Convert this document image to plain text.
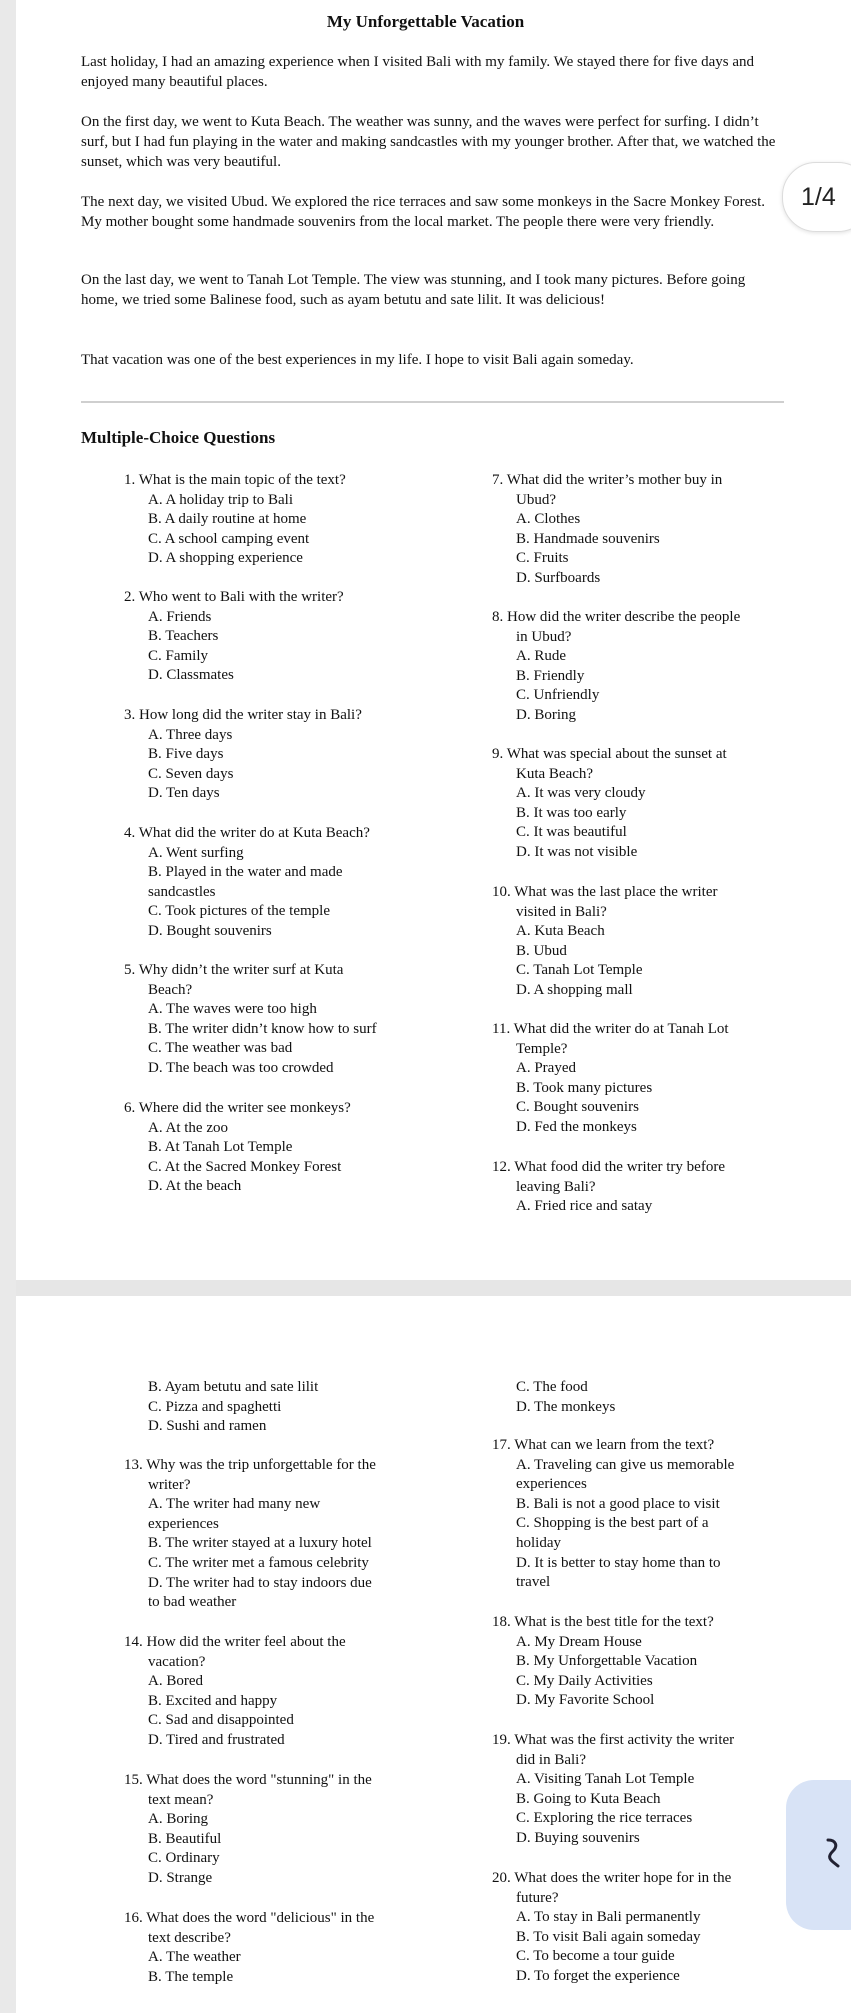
My Unforgettable Vacation
Last holiday, I had an amazing experience when I visited Bali with my family. We stayed there for five days and enjoyed many beautiful places.
On the first day, we went to Kuta Beach. The weather was sunny, and the waves were perfect for surfing. I didn’t surf, but I had fun playing in the water and making sandcastles with my younger brother. After that, we watched the sunset, which was very beautiful.
The next day, we visited Ubud. We explored the rice terraces and saw some monkeys in the Sacre Monkey Forest. My mother bought some handmade souvenirs from the local market. The people there were very friendly.
On the last day, we went to Tanah Lot Temple. The view was stunning, and I took many pictures. Before going home, we tried some Balinese food, such as ayam betutu and sate lilit. It was delicious!
That vacation was one of the best experiences in my life. I hope to visit Bali again someday.
Multiple-Choice Questions
1. What is the main topic of the text?
A. A holiday trip to Bali
B. A daily routine at home
C. A school camping event
D. A shopping experience
2. Who went to Bali with the writer?
A. Friends
B. Teachers
C. Family
D. Classmates
3. How long did the writer stay in Bali?
A. Three days
B. Five days
C. Seven days
D. Ten days
4. What did the writer do at Kuta Beach?
A. Went surfing
B. Played in the water and made
sandcastles
C. Took pictures of the temple
D. Bought souvenirs
5. Why didn’t the writer surf at Kuta
Beach?
A. The waves were too high
B. The writer didn’t know how to surf
C. The weather was bad
D. The beach was too crowded
6. Where did the writer see monkeys?
A. At the zoo
B. At Tanah Lot Temple
C. At the Sacred Monkey Forest
D. At the beach
7. What did the writer’s mother buy in
Ubud?
A. Clothes
B. Handmade souvenirs
C. Fruits
D. Surfboards
8. How did the writer describe the people
in Ubud?
A. Rude
B. Friendly
C. Unfriendly
D. Boring
9. What was special about the sunset at
Kuta Beach?
A. It was very cloudy
B. It was too early
C. It was beautiful
D. It was not visible
10. What was the last place the writer
visited in Bali?
A. Kuta Beach
B. Ubud
C. Tanah Lot Temple
D. A shopping mall
11. What did the writer do at Tanah Lot
Temple?
A. Prayed
B. Took many pictures
C. Bought souvenirs
D. Fed the monkeys
12. What food did the writer try before
leaving Bali?
A. Fried rice and satay
B. Ayam betutu and sate lilit
C. Pizza and spaghetti
D. Sushi and ramen
13. Why was the trip unforgettable for the
writer?
A. The writer had many new
experiences
B. The writer stayed at a luxury hotel
C. The writer met a famous celebrity
D. The writer had to stay indoors due
to bad weather
14. How did the writer feel about the
vacation?
A. Bored
B. Excited and happy
C. Sad and disappointed
D. Tired and frustrated
15. What does the word "stunning" in the
text mean?
A. Boring
B. Beautiful
C. Ordinary
D. Strange
16. What does the word "delicious" in the
text describe?
A. The weather
B. The temple
C. The food
D. The monkeys
17. What can we learn from the text?
A. Traveling can give us memorable
experiences
B. Bali is not a good place to visit
C. Shopping is the best part of a
holiday
D. It is better to stay home than to
travel
18. What is the best title for the text?
A. My Dream House
B. My Unforgettable Vacation
C. My Daily Activities
D. My Favorite School
19. What was the first activity the writer
did in Bali?
A. Visiting Tanah Lot Temple
B. Going to Kuta Beach
C. Exploring the rice terraces
D. Buying souvenirs
20. What does the writer hope for in the
future?
A. To stay in Bali permanently
B. To visit Bali again someday
C. To become a tour guide
D. To forget the experience
1/4
